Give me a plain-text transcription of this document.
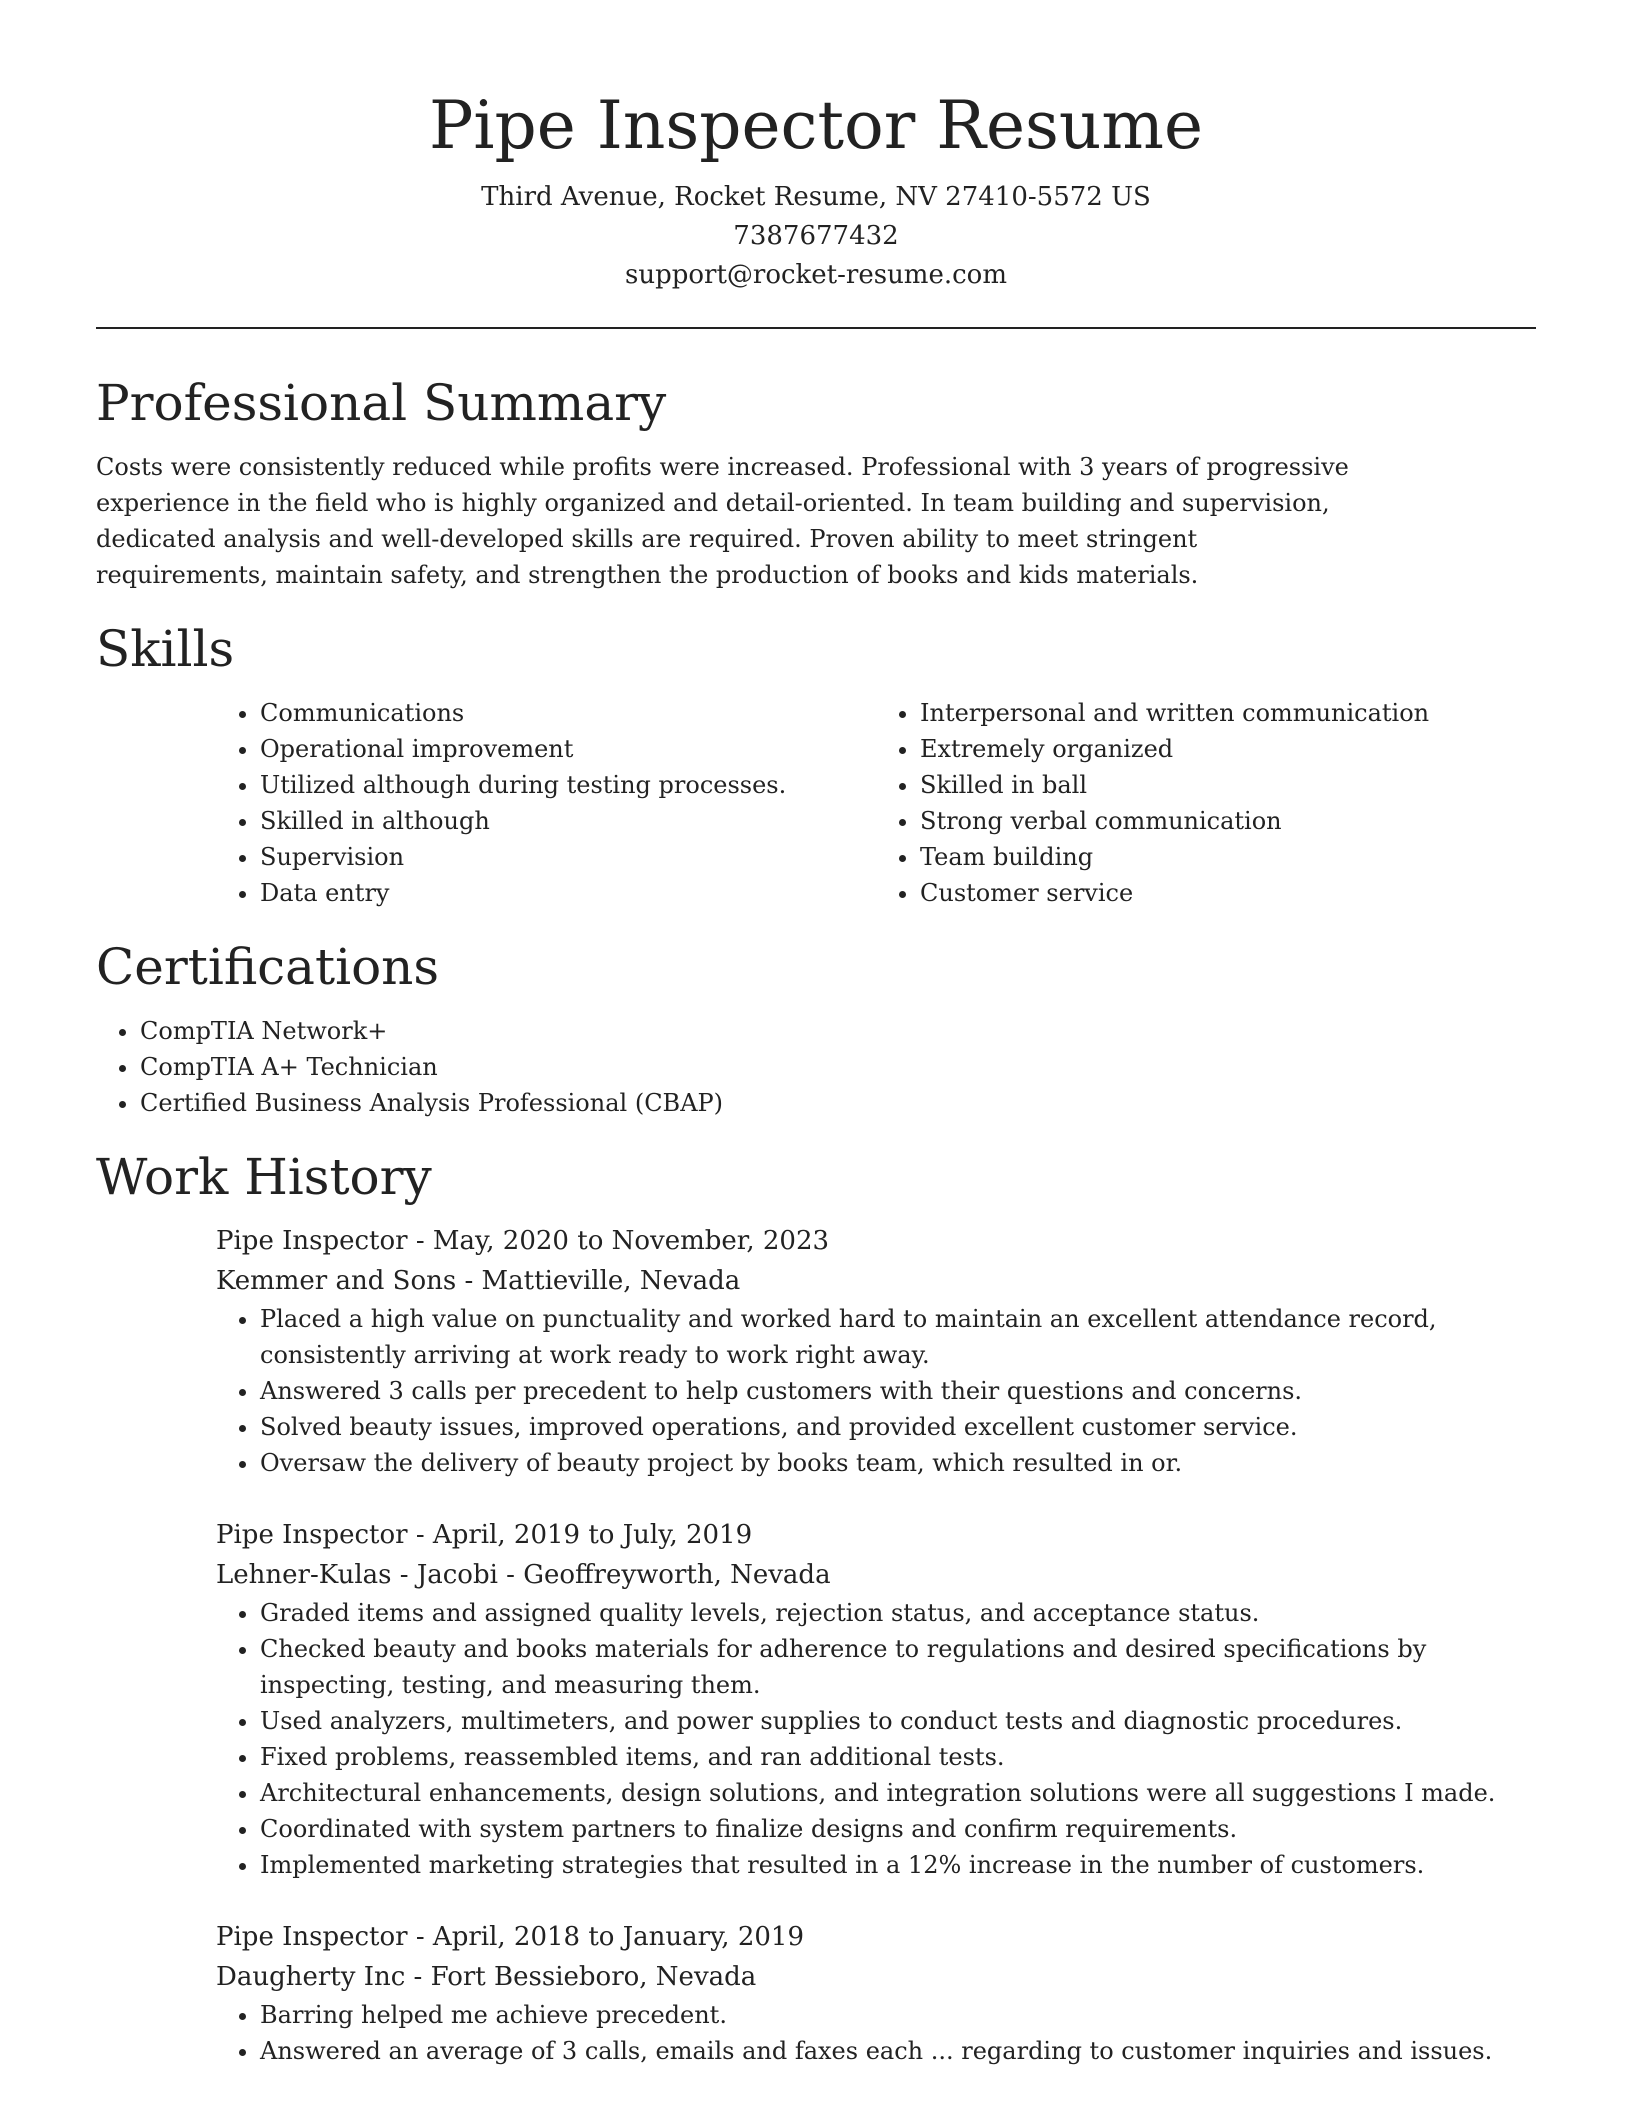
Pipe Inspector Resume

Third Avenue, Rocket Resume, NV 27410-5572 US

7387677432

support@rocket-resume.com

Professional Summary

Costs were consistently reduced while profits were increased. Professional with 3 years of progressive experience in the field who is highly organized and detail-oriented. In team building and supervision, dedicated analysis and well-developed skills are required. Proven ability to meet stringent requirements, maintain safety, and strengthen the production of books and kids materials.

Skills
• Communications
• Operational improvement
• Utilized although during testing processes.
• Skilled in although
• Supervision
• Data entry
• Interpersonal and written communication
• Extremely organized
• Skilled in ball
• Strong verbal communication
• Team building
• Customer service
Certifications
• CompTIA Network+
• CompTIA A+ Technician
• Certified Business Analysis Professional (CBAP)
Work History

Pipe Inspector - May, 2020 to November, 2023

Kemmer and Sons - Mattieville, Nevada

• Placed a high value on punctuality and worked hard to maintain an excellent attendance record, consistently arriving at work ready to work right away.
• Answered 3 calls per precedent to help customers with their questions and concerns.
• Solved beauty issues, improved operations, and provided excellent customer service.
• Oversaw the delivery of beauty project by books team, which resulted in or.

Pipe Inspector - April, 2019 to July, 2019

Lehner-Kulas - Jacobi - Geoffreyworth, Nevada

• Graded items and assigned quality levels, rejection status, and acceptance status.
• Checked beauty and books materials for adherence to regulations and desired specifications by inspecting, testing, and measuring them.
• Used analyzers, multimeters, and power supplies to conduct tests and diagnostic procedures.
• Fixed problems, reassembled items, and ran additional tests.
• Architectural enhancements, design solutions, and integration solutions were all suggestions I made.
• Coordinated with system partners to finalize designs and confirm requirements.
• Implemented marketing strategies that resulted in a 12% increase in the number of customers.

Pipe Inspector - April, 2018 to January, 2019

Daugherty Inc - Fort Bessieboro, Nevada

• Barring helped me achieve precedent.
• Answered an average of 3 calls, emails and faxes each ... regarding to customer inquiries and issues.
